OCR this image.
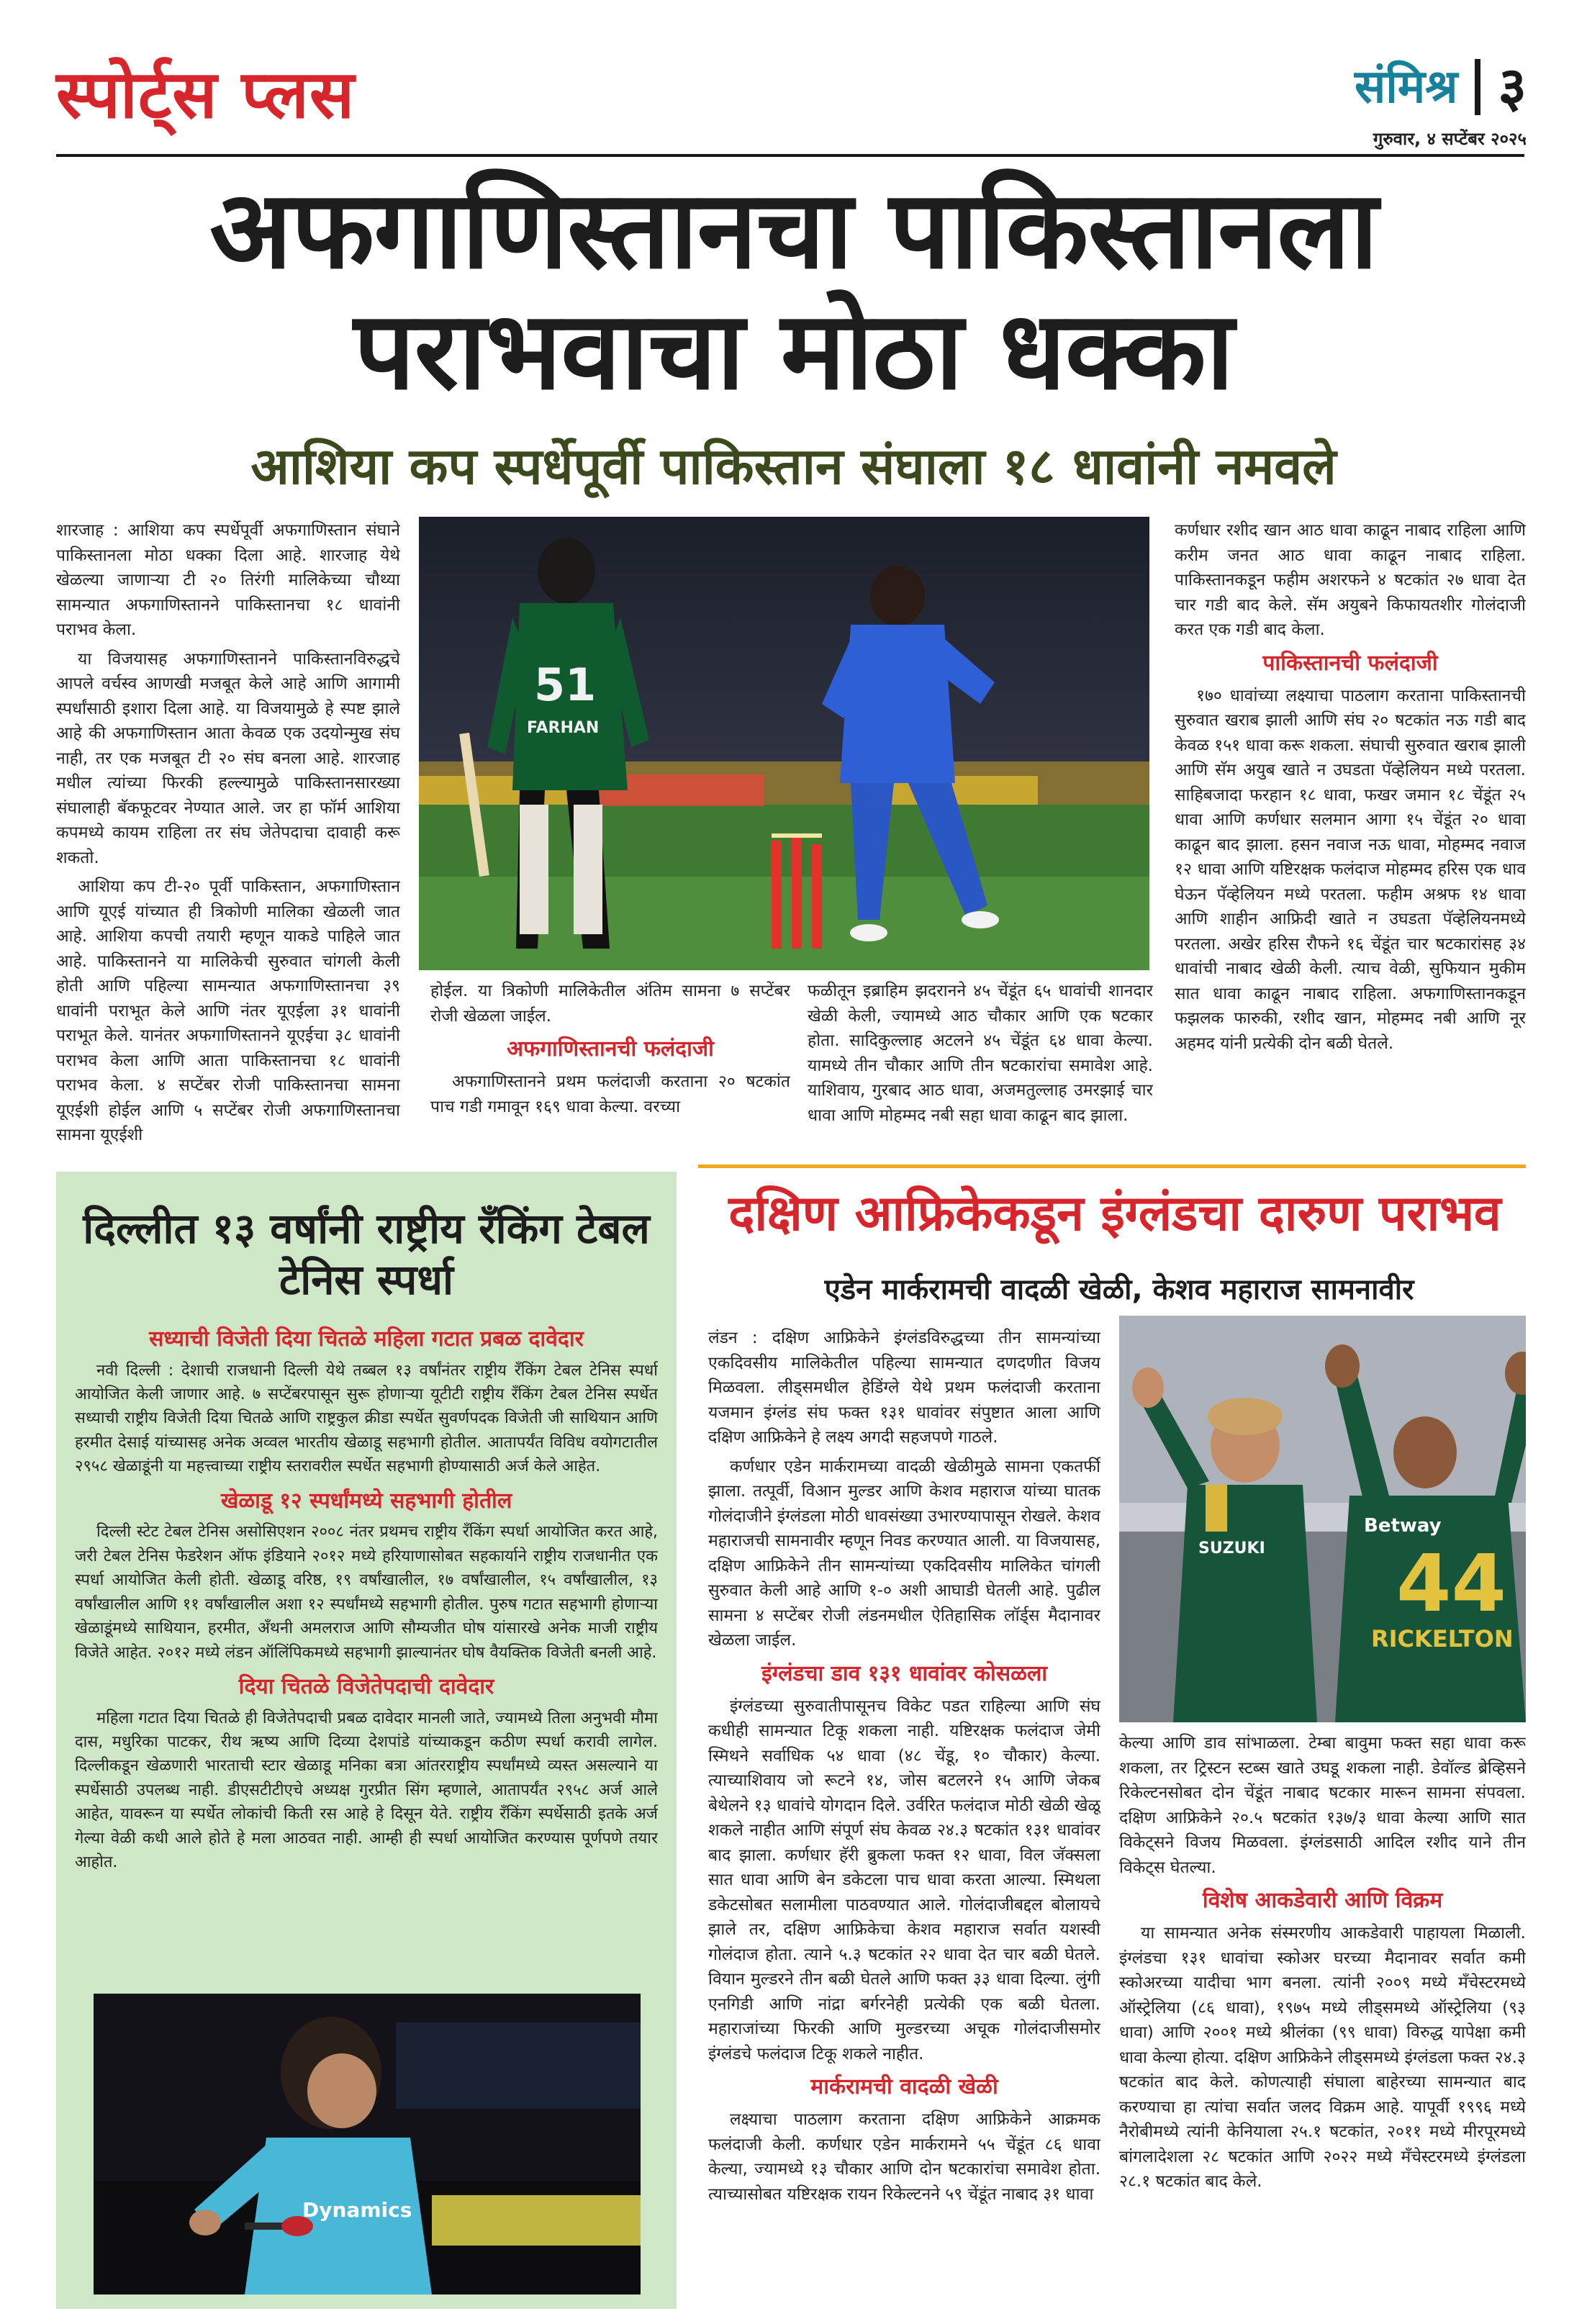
स्पोर्ट्स प्लस	संमिश्र ३
गुरुवार, ४ सप्टेंबर २०२५
अफगाणिस्तानचा पाकिस्तानला
पराभवाचा मोठा धक्का
आशिया कप स्पर्धेपूर्वी पाकिस्तान संघाला १८ धावांनी नमवले

शारजाह : आशिया कप स्पर्धेपूर्वी अफगाणिस्तान संघाने पाकिस्तानला मोठा धक्का दिला आहे. शारजाह येथे खेळल्या जाणाऱ्या टी २० तिरंगी मालिकेच्या चौथ्या सामन्यात अफगाणिस्तानने पाकिस्तानचा १८ धावांनी पराभव केला.

या विजयासह अफगाणिस्तानने पाकिस्तानविरुद्धचे आपले वर्चस्व आणखी मजबूत केले आहे आणि आगामी स्पर्धांसाठी इशारा दिला आहे. या विजयामुळे हे स्पष्ट झाले आहे की अफगाणिस्तान आता केवळ एक उदयोन्मुख संघ नाही, तर एक मजबूत टी २० संघ बनला आहे. शारजाह मधील त्यांच्या फिरकी हल्ल्यामुळे पाकिस्तानसारख्या संघालाही बॅकफूटवर नेण्यात आले. जर हा फॉर्म आशिया कपमध्ये कायम राहिला तर संघ जेतेपदाचा दावाही करू शकतो.

आशिया कप टी-२० पूर्वी पाकिस्तान, अफगाणिस्तान आणि यूएई यांच्यात ही त्रिकोणी मालिका खेळली जात आहे. आशिया कपची तयारी म्हणून याकडे पाहिले जात आहे. पाकिस्तानने या मालिकेची सुरुवात चांगली केली होती आणि पहिल्या सामन्यात अफगाणिस्तानचा ३९ धावांनी पराभूत केले आणि नंतर यूएईला ३१ धावांनी पराभूत केले. यानंतर अफगाणिस्तानने यूएईचा ३८ धावांनी पराभव केला आणि आता पाकिस्तानचा १८ धावांनी पराभव केला. ४ सप्टेंबर रोजी पाकिस्तानचा सामना यूएईशी होईल आणि ५ सप्टेंबर रोजी अफगाणिस्तानचा सामना यूएईशी

51
FARHAN

होईल. या त्रिकोणी मालिकेतील अंतिम सामना ७ सप्टेंबर रोजी खेळला जाईल.

अफगाणिस्तानची फलंदाजी

अफगाणिस्तानने प्रथम फलंदाजी करताना २० षटकांत पाच गडी गमावून १६९ धावा केल्या. वरच्या

फळीतून इब्राहिम झदरानने ४५ चेंडूंत ६५ धावांची शानदार खेळी केली, ज्यामध्ये आठ चौकार आणि एक षटकार होता. सादिकुल्लाह अटलने ४५ चेंडूंत ६४ धावा केल्या. यामध्ये तीन चौकार आणि तीन षटकारांचा समावेश आहे. याशिवाय, गुरबाद आठ धावा, अजमतुल्लाह उमरझाई चार धावा आणि मोहम्मद नबी सहा धावा काढून बाद झाला.

कर्णधार रशीद खान आठ धावा काढून नाबाद राहिला आणि करीम जनत आठ धावा काढून नाबाद राहिला. पाकिस्तानकडून फहीम अशरफने ४ षटकांत २७ धावा देत चार गडी बाद केले. सॅम अयुबने किफायतशीर गोलंदाजी करत एक गडी बाद केला.

पाकिस्तानची फलंदाजी

१७० धावांच्या लक्ष्याचा पाठलाग करताना पाकिस्तानची सुरुवात खराब झाली आणि संघ २० षटकांत नऊ गडी बाद केवळ १५१ धावा करू शकला. संघाची सुरुवात खराब झाली आणि सॅम अयुब खाते न उघडता पॅव्हेलियन मध्ये परतला. साहिबजादा फरहान १८ धावा, फखर जमान १८ चेंडूंत २५ धावा आणि कर्णधार सलमान आगा १५ चेंडूंत २० धावा काढून बाद झाला. हसन नवाज नऊ धावा, मोहम्मद नवाज १२ धावा आणि यष्टिरक्षक फलंदाज मोहम्मद हरिस एक धाव घेऊन पॅव्हेलियन मध्ये परतला. फहीम अश्रफ १४ धावा आणि शाहीन आफ्रिदी खाते न उघडता पॅव्हेलियनमध्ये परतला. अखेर हरिस रौफने १६ चेंडूंत चार षटकारांसह ३४ धावांची नाबाद खेळी केली. त्याच वेळी, सुफियान मुकीम सात धावा काढून नाबाद राहिला. अफगाणिस्तानकडून फझलक फारुकी, रशीद खान, मोहम्मद नबी आणि नूर अहमद यांनी प्रत्येकी दोन बळी घेतले.

दिल्लीत १३ वर्षांनी राष्ट्रीय रँकिंग टेबल टेनिस स्पर्धा
सध्याची विजेती दिया चितळे महिला गटात प्रबळ दावेदार

नवी दिल्ली : देशाची राजधानी दिल्ली येथे तब्बल १३ वर्षांनंतर राष्ट्रीय रँकिंग टेबल टेनिस स्पर्धा आयोजित केली जाणार आहे. ७ सप्टेंबरपासून सुरू होणाऱ्या यूटीटी राष्ट्रीय रँकिंग टेबल टेनिस स्पर्धेत सध्याची राष्ट्रीय विजेती दिया चितळे आणि राष्ट्रकुल क्रीडा स्पर्धेत सुवर्णपदक विजेती जी साथियान आणि हरमीत देसाई यांच्यासह अनेक अव्वल भारतीय खेळाडू सहभागी होतील. आतापर्यंत विविध वयोगटातील २९५८ खेळाडूंनी या महत्त्वाच्या राष्ट्रीय स्तरावरील स्पर्धेत सहभागी होण्यासाठी अर्ज केले आहेत.

खेळाडू १२ स्पर्धांमध्ये सहभागी होतील

दिल्ली स्टेट टेबल टेनिस असोसिएशन २००८ नंतर प्रथमच राष्ट्रीय रँकिंग स्पर्धा आयोजित करत आहे, जरी टेबल टेनिस फेडरेशन ऑफ इंडियाने २०१२ मध्ये हरियाणासोबत सहकार्याने राष्ट्रीय राजधानीत एक स्पर्धा आयोजित केली होती. खेळाडू वरिष्ठ, १९ वर्षांखालील, १७ वर्षांखालील, १५ वर्षांखालील, १३ वर्षांखालील आणि ११ वर्षांखालील अशा १२ स्पर्धांमध्ये सहभागी होतील. पुरुष गटात सहभागी होणाऱ्या खेळाडूंमध्ये साथियान, हरमीत, अँथनी अमलराज आणि सौम्यजीत घोष यांसारखे अनेक माजी राष्ट्रीय विजेते आहेत. २०१२ मध्ये लंडन ऑलिंपिकमध्ये सहभागी झाल्यानंतर घोष वैयक्तिक विजेती बनली आहे.

दिया चितळे विजेतेपदाची दावेदार

महिला गटात दिया चितळे ही विजेतेपदाची प्रबळ दावेदार मानली जाते, ज्यामध्ये तिला अनुभवी मौमा दास, मधुरिका पाटकर, रीथ ऋष्य आणि दिव्या देशपांडे यांच्याकडून कठीण स्पर्धा करावी लागेल. दिल्लीकडून खेळणारी भारताची स्टार खेळाडू मनिका बत्रा आंतरराष्ट्रीय स्पर्धांमध्ये व्यस्त असल्याने या स्पर्धेसाठी उपलब्ध नाही. डीएसटीटीएचे अध्यक्ष गुरप्रीत सिंग म्हणाले, आतापर्यंत २९५८ अर्ज आले आहेत, यावरून या स्पर्धेत लोकांची किती रस आहे हे दिसून येते. राष्ट्रीय रँकिंग स्पर्धेसाठी इतके अर्ज गेल्या वेळी कधी आले होते हे मला आठवत नाही. आम्ही ही स्पर्धा आयोजित करण्यास पूर्णपणे तयार आहोत.

Dynamics
दक्षिण आफ्रिकेकडून इंग्लंडचा दारुण पराभव
एडेन मार्करामची वादळी खेळी, केशव महाराज सामनावीर

लंडन : दक्षिण आफ्रिकेने इंग्लंडविरुद्धच्या तीन सामन्यांच्या एकदिवसीय मालिकेतील पहिल्या सामन्यात दणदणीत विजय मिळवला. लीड्समधील हेडिंग्ले येथे प्रथम फलंदाजी करताना यजमान इंग्लंड संघ फक्त १३१ धावांवर संपुष्टात आला आणि दक्षिण आफ्रिकेने हे लक्ष्य अगदी सहजपणे गाठले.

कर्णधार एडेन मार्करामच्या वादळी खेळीमुळे सामना एकतर्फी झाला. तत्पूर्वी, विआन मुल्डर आणि केशव महाराज यांच्या घातक गोलंदाजीने इंग्लंडला मोठी धावसंख्या उभारण्यापासून रोखले. केशव महाराजची सामनावीर म्हणून निवड करण्यात आली. या विजयासह, दक्षिण आफ्रिकेने तीन सामन्यांच्या एकदिवसीय मालिकेत चांगली सुरुवात केली आहे आणि १-० अशी आघाडी घेतली आहे. पुढील सामना ४ सप्टेंबर रोजी लंडनमधील ऐतिहासिक लॉर्ड्स मैदानावर खेळला जाईल.

इंग्लंडचा डाव १३१ धावांवर कोसळला

इंग्लंडच्या सुरुवातीपासूनच विकेट पडत राहिल्या आणि संघ कधीही सामन्यात टिकू शकला नाही. यष्टिरक्षक फलंदाज जेमी स्मिथने सर्वाधिक ५४ धावा (४८ चेंडू, १० चौकार) केल्या. त्याच्याशिवाय जो रूटने १४, जोस बटलरने १५ आणि जेकब बेथेलने १३ धावांचे योगदान दिले. उर्वरित फलंदाज मोठी खेळी खेळू शकले नाहीत आणि संपूर्ण संघ केवळ २४.३ षटकांत १३१ धावांवर बाद झाला. कर्णधार हॅरी ब्रुकला फक्त १२ धावा, विल जॅक्सला सात धावा आणि बेन डकेटला पाच धावा करता आल्या. स्मिथला डकेटसोबत सलामीला पाठवण्यात आले. गोलंदाजीबद्दल बोलायचे झाले तर, दक्षिण आफ्रिकेचा केशव महाराज सर्वात यशस्वी गोलंदाज होता. त्याने ५.३ षटकांत २२ धावा देत चार बळी घेतले. वियान मुल्डरने तीन बळी घेतले आणि फक्त ३३ धावा दिल्या. लुंगी एनगिडी आणि नांद्रा बर्गरनेही प्रत्येकी एक बळी घेतला. महाराजांच्या फिरकी आणि मुल्डरच्या अचूक गोलंदाजीसमोर इंग्लंडचे फलंदाज टिकू शकले नाहीत.

मार्करामची वादळी खेळी

लक्ष्याचा पाठलाग करताना दक्षिण आफ्रिकेने आक्रमक फलंदाजी केली. कर्णधार एडेन मार्करामने ५५ चेंडूंत ८६ धावा केल्या, ज्यामध्ये १३ चौकार आणि दोन षटकारांचा समावेश होता. त्याच्यासोबत यष्टिरक्षक रायन रिकेल्टनने ५९ चेंडूंत नाबाद ३१ धावा

SUZUKI
Betway
44
RICKELTON

केल्या आणि डाव सांभाळला. टेम्बा बावुमा फक्त सहा धावा करू शकला, तर ट्रिस्टन स्टब्स खाते उघडू शकला नाही. डेवॉल्ड ब्रेव्हिसने रिकेल्टनसोबत दोन चेंडूंत नाबाद षटकार मारून सामना संपवला. दक्षिण आफ्रिकेने २०.५ षटकांत १३७/३ धावा केल्या आणि सात विकेट्सने विजय मिळवला. इंग्लंडसाठी आदिल रशीद याने तीन विकेट्स घेतल्या.

विशेष आकडेवारी आणि विक्रम

या सामन्यात अनेक संस्मरणीय आकडेवारी पाहायला मिळाली. इंग्लंडचा १३१ धावांचा स्कोअर घरच्या मैदानावर सर्वात कमी स्कोअरच्या यादीचा भाग बनला. त्यांनी २००९ मध्ये मँचेस्टरमध्ये ऑस्ट्रेलिया (८६ धावा), १९७५ मध्ये लीड्समध्ये ऑस्ट्रेलिया (९३ धावा) आणि २००१ मध्ये श्रीलंका (९९ धावा) विरुद्ध यापेक्षा कमी धावा केल्या होत्या. दक्षिण आफ्रिकेने लीड्समध्ये इंग्लंडला फक्त २४.३ षटकांत बाद केले. कोणत्याही संघाला बाहेरच्या सामन्यात बाद करण्याचा हा त्यांचा सर्वात जलद विक्रम आहे. यापूर्वी १९९६ मध्ये नैरोबीमध्ये त्यांनी केनियाला २५.१ षटकांत, २०११ मध्ये मीरपूरमध्ये बांगलादेशला २८ षटकांत आणि २०२२ मध्ये मँचेस्टरमध्ये इंग्लंडला २८.१ षटकांत बाद केले.
